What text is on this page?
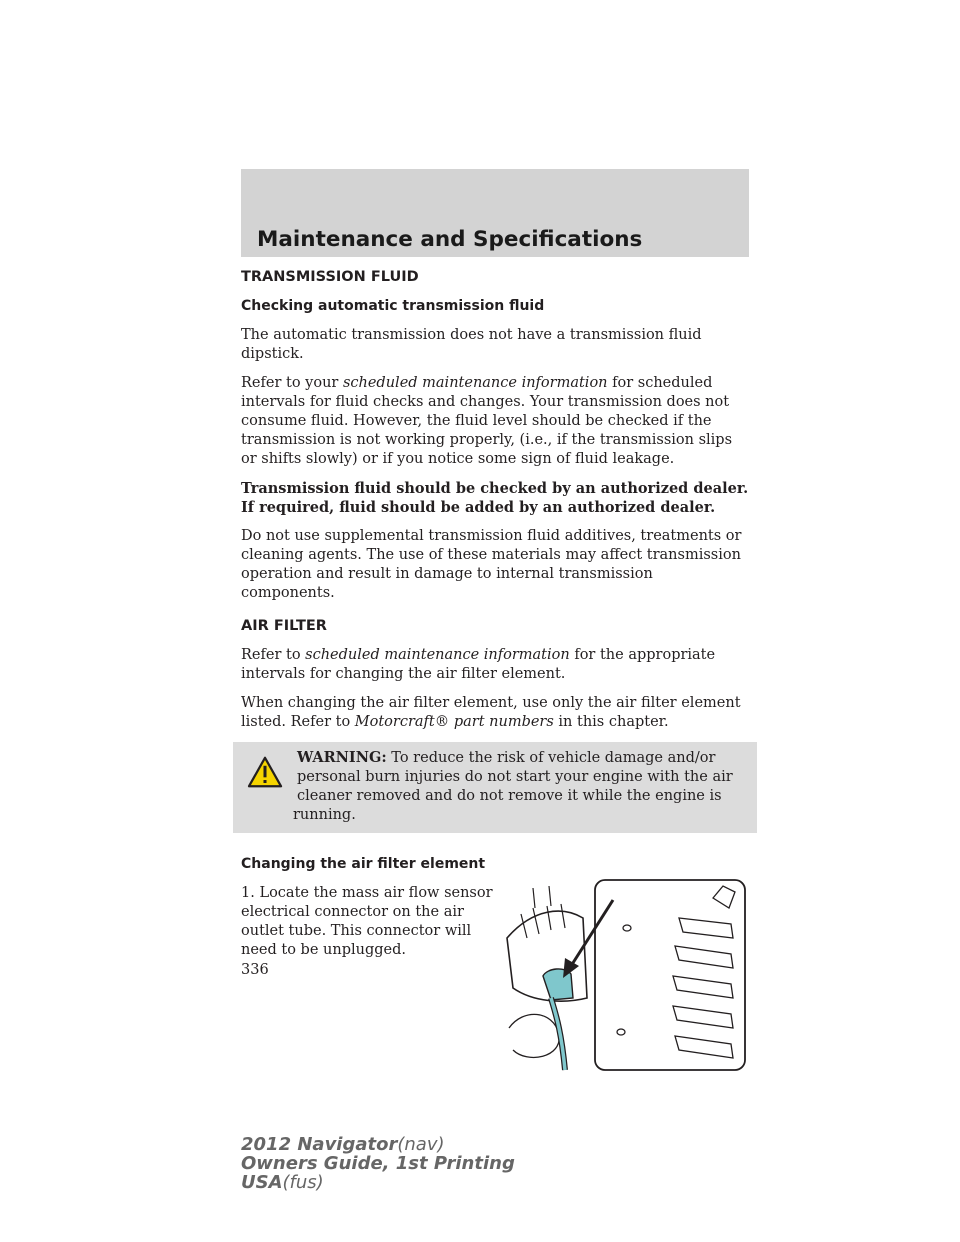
Maintenance and Specifications
TRANSMISSION FLUID
Checking automatic transmission fluid

The automatic transmission does not have a transmission fluid dipstick.

Refer to your scheduled maintenance information for scheduled intervals for fluid checks and changes. Your transmission does not consume fluid. However, the fluid level should be checked if the transmission is not working properly, (i.e., if the transmission slips or shifts slowly) or if you notice some sign of fluid leakage.

Transmission fluid should be checked by an authorized dealer. If required, fluid should be added by an authorized dealer.

Do not use supplemental transmission fluid additives, treatments or cleaning agents. The use of these materials may affect transmission operation and result in damage to internal transmission components.

AIR FILTER

Refer to scheduled maintenance information for the appropriate intervals for changing the air filter element.

When changing the air filter element, use only the air filter element listed. Refer to Motorcraft® part numbers in this chapter.

WARNING: To reduce the risk of vehicle damage and/or personal burn injuries do not start your engine with the air cleaner removed and do not remove it while the engine is running.
Changing the air filter element
1. Locate the mass air flow sensor electrical connector on the air outlet tube. This connector will need to be unplugged.
336
2012 Navigator(nav)
Owners Guide, 1st Printing
USA(fus)
